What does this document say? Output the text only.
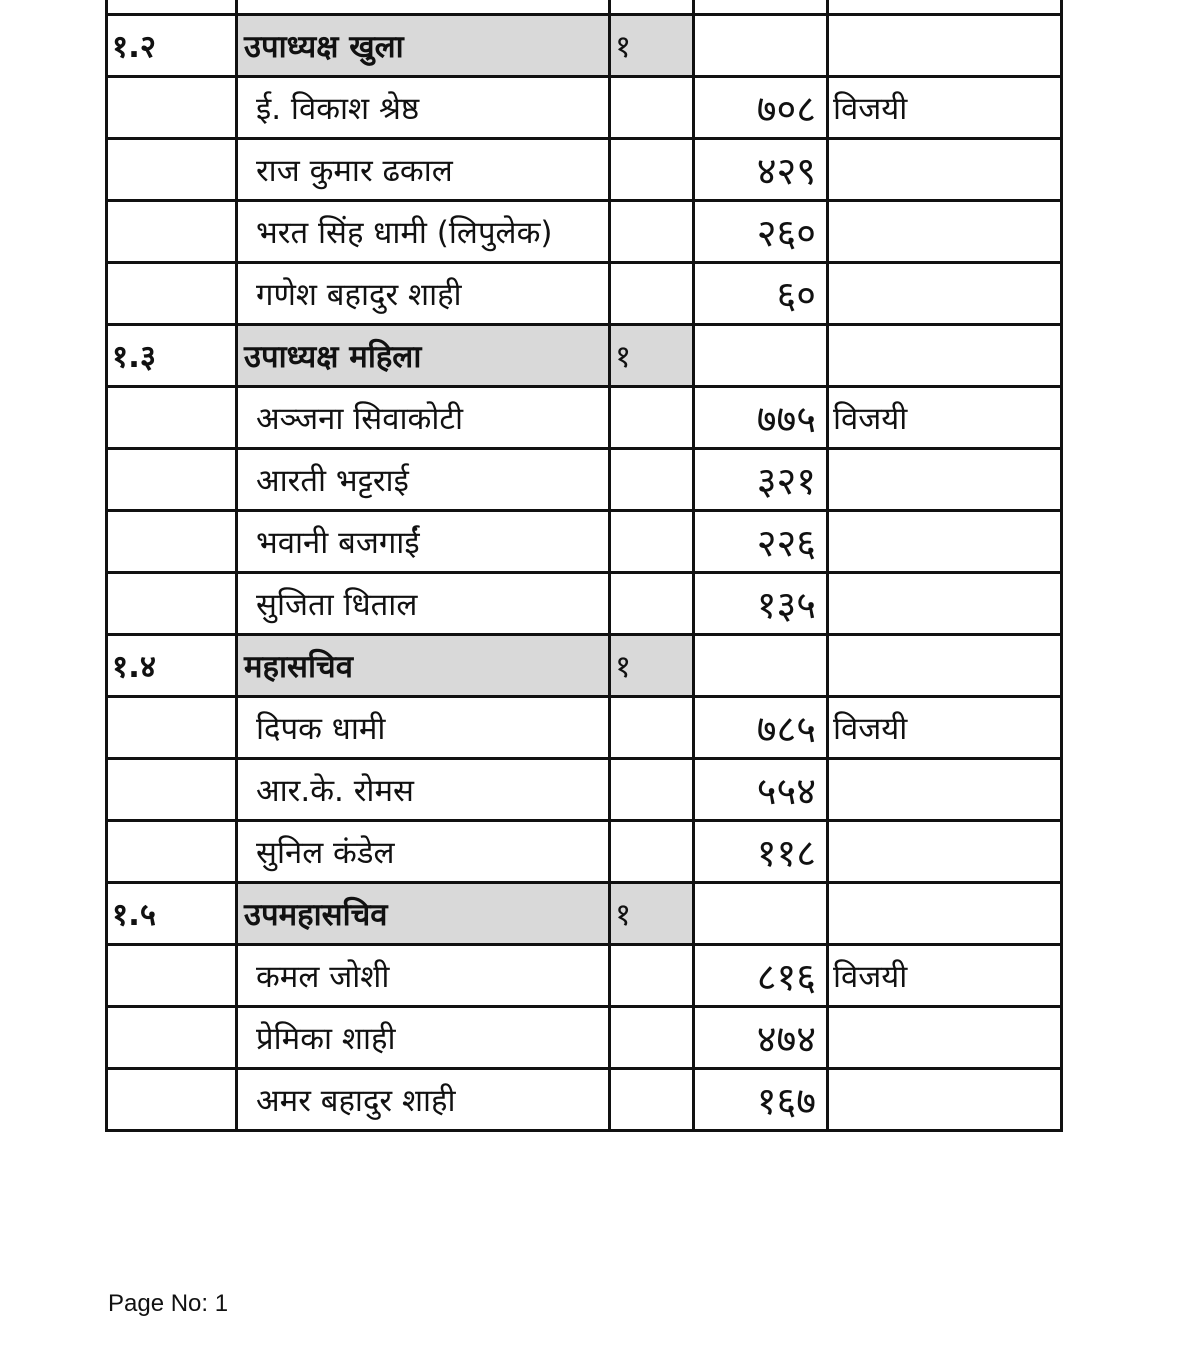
१.२	उपाध्यक्ष खुला	१		
	ई. विकाश श्रेष्ठ		७०८	विजयी
	राज कुमार ढकाल		४२९	
	भरत सिंह धामी (लिपुलेक)		२६०	
	गणेश बहादुर शाही		६०	
१.३	उपाध्यक्ष महिला	१		
	अञ्जना सिवाकोटी		७७५	विजयी
	आरती भट्टराई		३२१	
	भवानी बजगाईं		२२६	
	सुजिता धिताल		१३५	
१.४	महासचिव	१		
	दिपक धामी		७८५	विजयी
	आर.के. रोमस		५५४	
	सुनिल कंडेल		११८	
१.५	उपमहासचिव	१		
	कमल जोशी		८१६	विजयी
	प्रेमिका शाही		४७४	
	अमर बहादुर शाही		१६७	
Page No: 1
